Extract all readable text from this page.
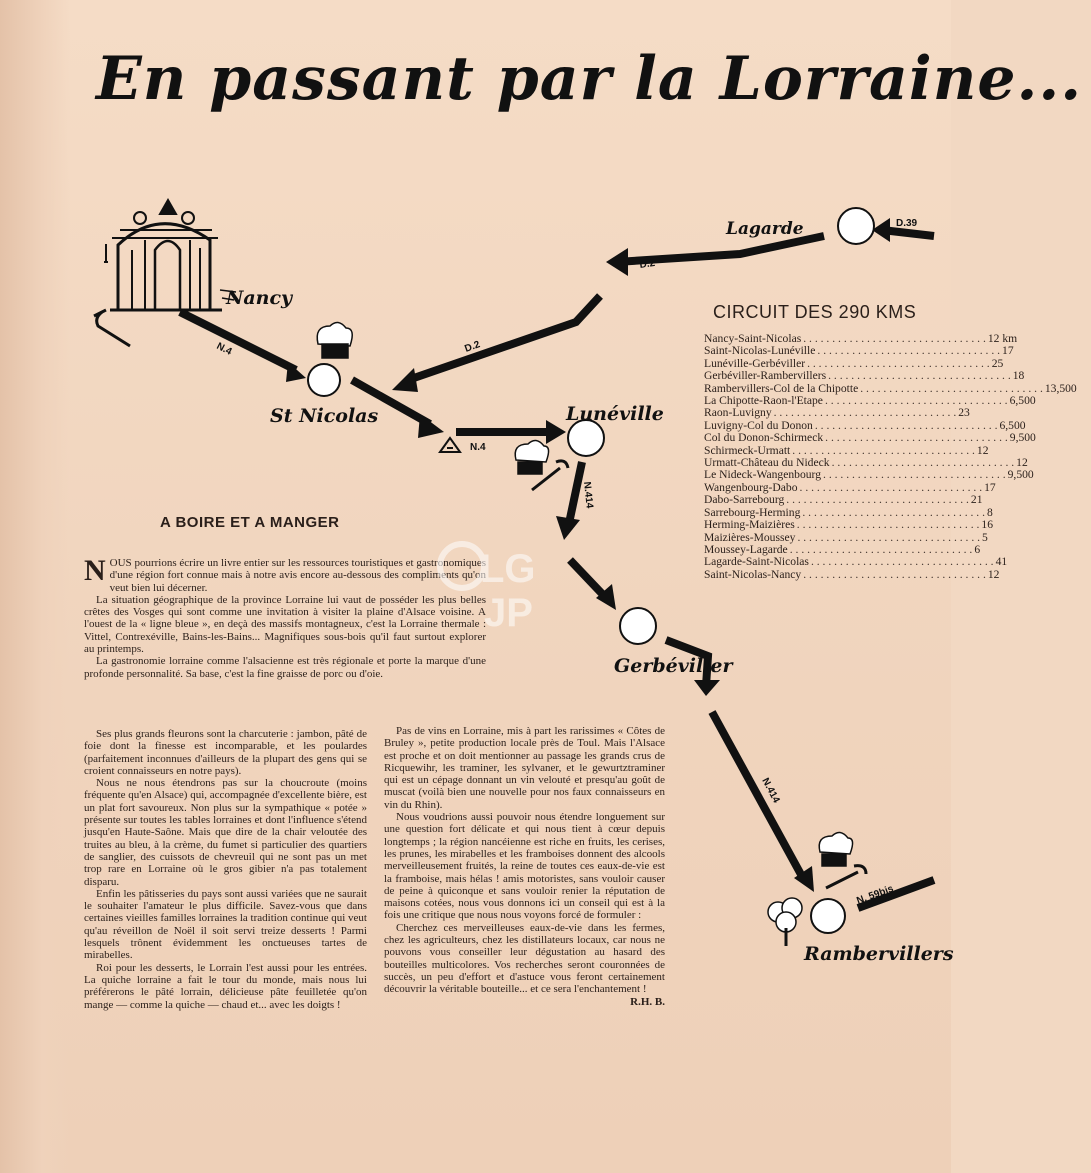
En passant par la Lorraine...
Nancy
St Nicolas	Lunéville
Gerbéviller
Rambervillers
Lagarde
N.4
N.4
D.2
D.2
D.39
N.414
N.414
N. 59bis
CIRCUIT DES 290 KMS
Nancy-Saint-Nicolas . . .	12 km
Saint-Nicolas-Lunéville . . .	17
Lunéville-Gerbéviller . . .	25
Gerbéviller-Rambervillers . . .	18
Rambervillers-Col de la Chipotte . . .	13,500
La Chipotte-Raon-l'Etape . . .	6,500
Raon-Luvigny . . .	23
Luvigny-Col du Donon . . .	6,500
Col du Donon-Schirmeck . . .	9,500
Schirmeck-Urmatt . . .	12
Urmatt-Château du Nideck . . .	12
Le Nideck-Wangenbourg . . .	9,500
Wangenbourg-Dabo . . .	17
Dabo-Sarrebourg . . .	21
Sarrebourg-Herming . . .	8
Herming-Maizières . . .	16
Maizières-Moussey . . .	5
Moussey-Lagarde . . .	6
Lagarde-Saint-Nicolas . . .	41
Saint-Nicolas-Nancy . . .	12
A BOIRE ET A MANGER

NOUS pourrions écrire un livre entier sur les ressources touristiques et gastronomiques d'une région fort connue mais à notre avis encore au-dessous des compliments qu'on veut bien lui décerner.

La situation géographique de la province Lorraine lui vaut de posséder les plus belles crêtes des Vosges qui sont comme une invitation à visiter la plaine d'Alsace voisine. A l'ouest de la « ligne bleue », en deçà des massifs montagneux, c'est la Lorraine thermale : Vittel, Contrexéville, Bains-les-Bains... Magnifiques sous-bois qu'il faut surtout explorer au printemps.

La gastronomie lorraine comme l'alsacienne est très régionale et porte la marque d'une profonde personnalité. Sa base, c'est la fine graisse de porc ou d'oie.

Ses plus grands fleurons sont la charcuterie : jambon, pâté de foie dont la finesse est incomparable, et les poulardes (parfaitement inconnues d'ailleurs de la plupart des gens qui se croient connaisseurs en notre pays).

Nous ne nous étendrons pas sur la choucroute (moins fréquente qu'en Alsace) qui, accompagnée d'excellente bière, est un plat fort savoureux. Non plus sur la sympathique « potée » présente sur toutes les tables lorraines et dont l'influence s'étend jusqu'en Haute-Saône. Mais que dire de la chair veloutée des truites au bleu, à la crème, du fumet si particulier des quartiers de sanglier, des cuissots de chevreuil qui ne sont pas un met trop rare en Lorraine où le gros gibier n'a pas totalement disparu.

Enfin les pâtisseries du pays sont aussi variées que ne saurait le souhaiter l'amateur le plus difficile. Savez-vous que dans certaines vieilles familles lorraines la tradition continue qui veut qu'au réveillon de Noël il soit servi treize desserts ! Parmi lesquels trônent évidemment les onctueuses tartes de mirabelles.

Roi pour les desserts, le Lorrain l'est aussi pour les entrées. La quiche lorraine a fait le tour du monde, mais nous lui préférerons le pâté lorrain, délicieuse pâte feuilletée qu'on mange — comme la quiche — chaud et... avec les doigts !

Pas de vins en Lorraine, mis à part les rarissimes « Côtes de Bruley », petite production locale près de Toul. Mais l'Alsace est proche et on doit mentionner au passage les grands crus de Ricquewihr, les traminer, les sylvaner, et le gewurtztraminer qui est un cépage donnant un vin velouté et presqu'au goût de muscat (voilà bien une nouvelle pour nos faux connaisseurs en vin du Rhin).

Nous voudrions aussi pouvoir nous étendre longuement sur une question fort délicate et qui nous tient à cœur depuis longtemps ; la région nancéienne est riche en fruits, les cerises, les prunes, les mirabelles et les framboises donnent des alcools merveilleusement fruités, la reine de toutes ces eaux-de-vie est la framboise, mais hélas ! amis motoristes, sans vouloir causer de peine à quiconque et sans vouloir renier la réputation de maisons cotées, nous vous donnons ici un conseil qui est à la fois une critique que nous nous voyons forcé de formuler :

Cherchez ces merveilleuses eaux-de-vie dans les fermes, chez les agriculteurs, chez les distillateurs locaux, car nous ne pouvons vous conseiller leur dégustation au hasard des bouteilles multicolores. Vos recherches seront couronnées de succès, un peu d'effort et d'astuce vous feront certainement découvrir la véritable bouteille... et ce sera l'enchantement !

R.H. B.
LG
JP
